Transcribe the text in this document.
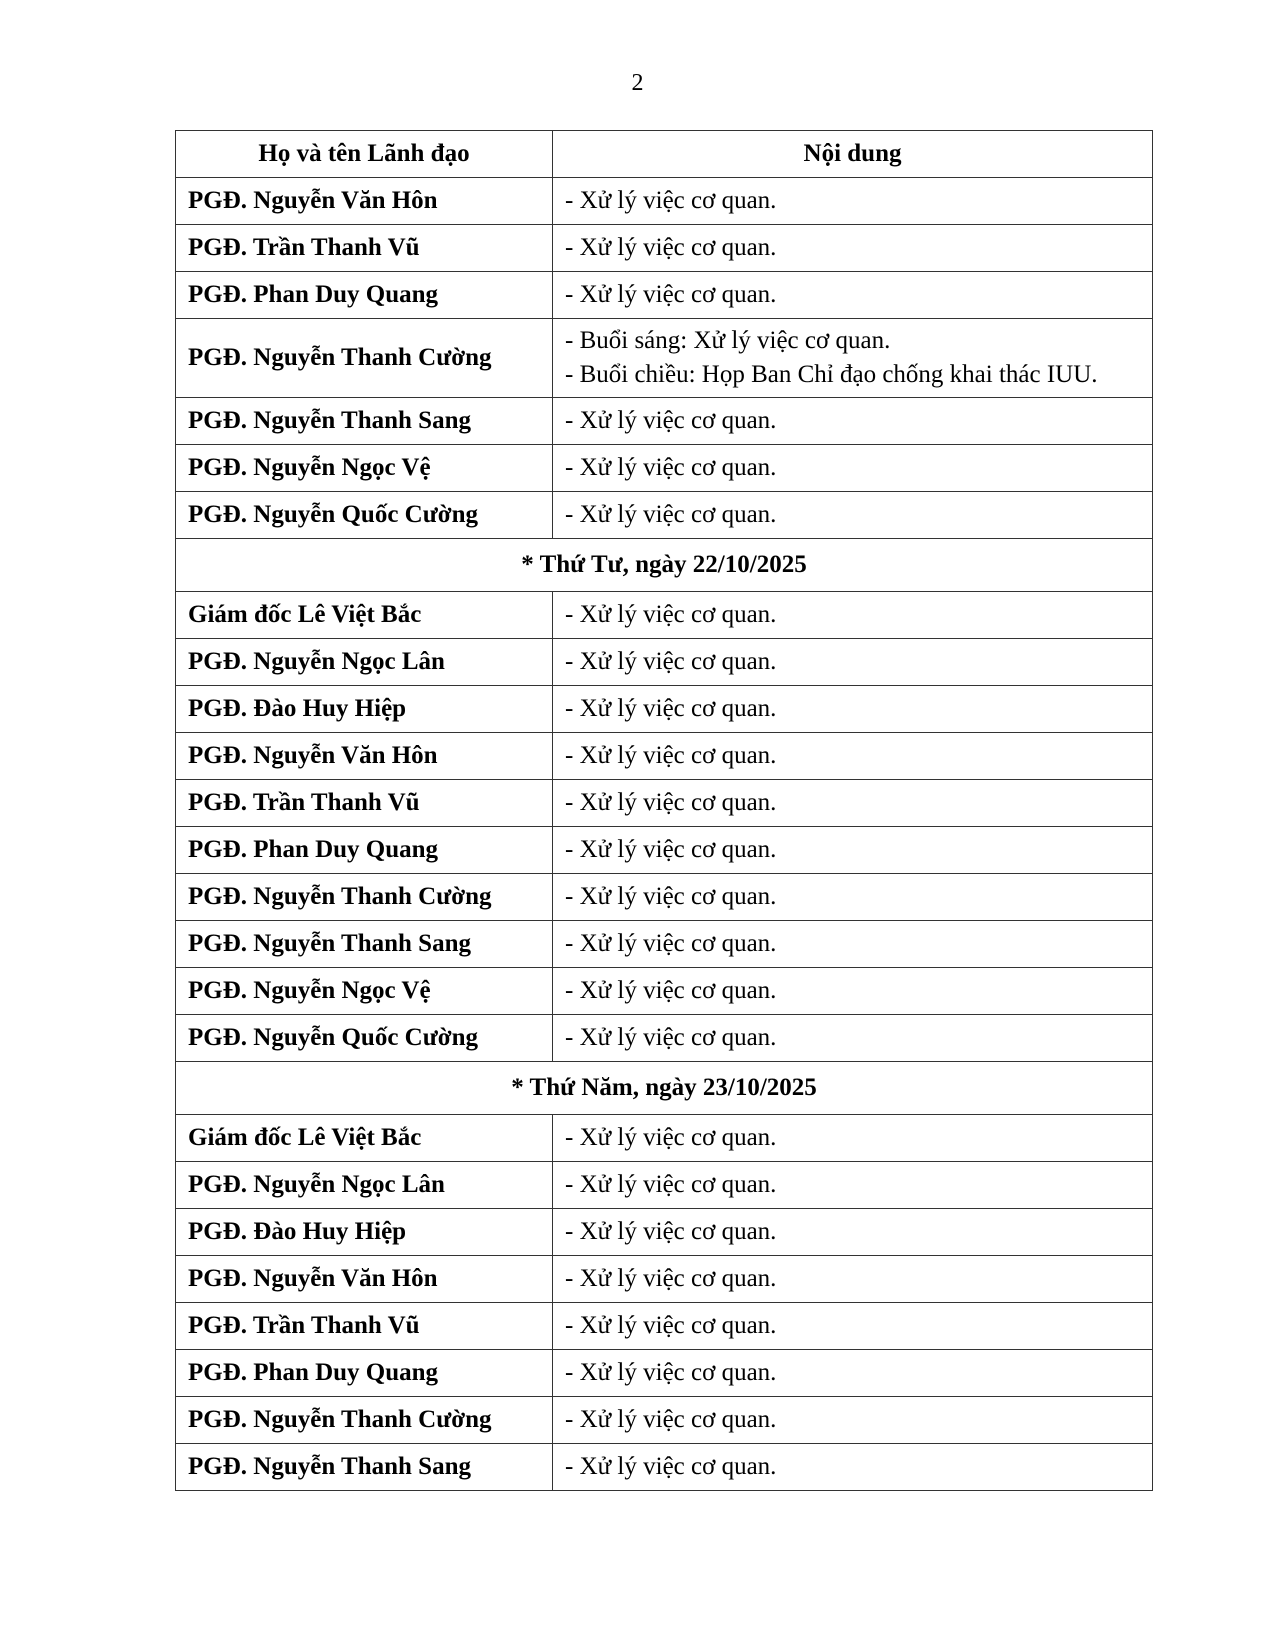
2
Họ và tên Lãnh đạo	Nội dung
PGĐ. Nguyễn Văn Hôn	- Xử lý việc cơ quan.

PGĐ. Trần Thanh Vũ	- Xử lý việc cơ quan.

PGĐ. Phan Duy Quang	- Xử lý việc cơ quan.

PGĐ. Nguyễn Thanh Cường	- Buổi sáng: Xử lý việc cơ quan.
- Buổi chiều: Họp Ban Chỉ đạo chống khai thác IUU.

PGĐ. Nguyễn Thanh Sang	- Xử lý việc cơ quan.

PGĐ. Nguyễn Ngọc Vệ	- Xử lý việc cơ quan.

PGĐ. Nguyễn Quốc Cường	- Xử lý việc cơ quan.

* Thứ Tư, ngày 22/10/2025	
Giám đốc Lê Việt Bắc	- Xử lý việc cơ quan.

PGĐ. Nguyễn Ngọc Lân	- Xử lý việc cơ quan.

PGĐ. Đào Huy Hiệp	- Xử lý việc cơ quan.

PGĐ. Nguyễn Văn Hôn	- Xử lý việc cơ quan.

PGĐ. Trần Thanh Vũ	- Xử lý việc cơ quan.

PGĐ. Phan Duy Quang	- Xử lý việc cơ quan.

PGĐ. Nguyễn Thanh Cường	- Xử lý việc cơ quan.

PGĐ. Nguyễn Thanh Sang	- Xử lý việc cơ quan.

PGĐ. Nguyễn Ngọc Vệ	- Xử lý việc cơ quan.

PGĐ. Nguyễn Quốc Cường	- Xử lý việc cơ quan.

* Thứ Năm, ngày 23/10/2025	
Giám đốc Lê Việt Bắc	- Xử lý việc cơ quan.

PGĐ. Nguyễn Ngọc Lân	- Xử lý việc cơ quan.

PGĐ. Đào Huy Hiệp	- Xử lý việc cơ quan.

PGĐ. Nguyễn Văn Hôn	- Xử lý việc cơ quan.

PGĐ. Trần Thanh Vũ	- Xử lý việc cơ quan.

PGĐ. Phan Duy Quang	- Xử lý việc cơ quan.

PGĐ. Nguyễn Thanh Cường	- Xử lý việc cơ quan.

PGĐ. Nguyễn Thanh Sang	- Xử lý việc cơ quan.
